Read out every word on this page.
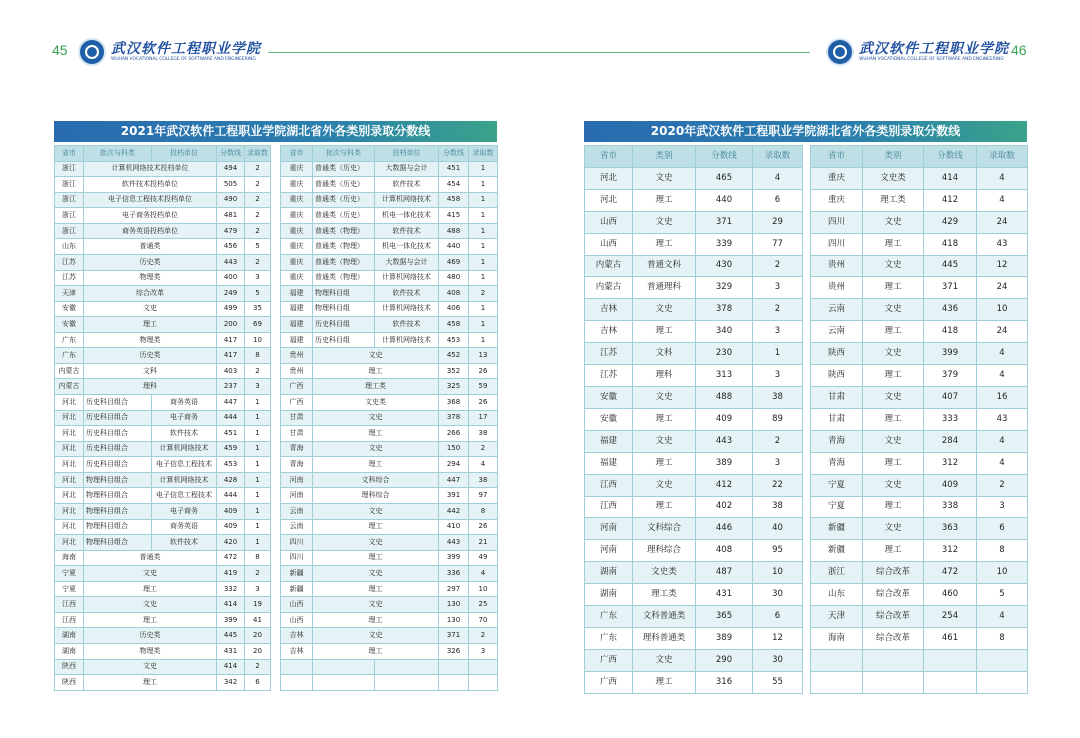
45	武汉软件工程职业学院
WUHAN VOCATIONAL COLLEGE OF SOFTWARE AND ENGINEERING
武汉软件工程职业学院
WUHAN VOCATIONAL COLLEGE OF SOFTWARE AND ENGINEERING
46
2021年武汉软件工程职业学院湖北省外各类别录取分数线
省市	批次与科类	投档单位	分数线	录取数
浙江	计算机网络技术投档单位		494	2
浙江	软件技术投档单位		505	2
浙江	电子信息工程技术投档单位		490	2
浙江	电子商务投档单位		481	2
浙江	商务英语投档单位		479	2
山东	普通类		456	5
江苏	历史类		443	2
江苏	物理类		400	3
天津	综合改革		249	5
安徽	文史		499	35
安徽	理工		200	69
广东	物理类		417	10
广东	历史类		417	8
内蒙古	文科		403	2
内蒙古	理科		237	3
河北	历史科目组合	商务英语	447	1
河北	历史科目组合	电子商务	444	1
河北	历史科目组合	软件技术	451	1
河北	历史科目组合	计算机网络技术	459	1
河北	历史科目组合	电子信息工程技术	453	1
河北	物理科目组合	计算机网络技术	428	1
河北	物理科目组合	电子信息工程技术	444	1
河北	物理科目组合	电子商务	409	1
河北	物理科目组合	商务英语	409	1
河北	物理科目组合	软件技术	420	1
海南	普通类		472	8
宁夏	文史		419	2
宁夏	理工		332	3
江西	文史		414	19
江西	理工		399	41
湖南	历史类		445	20
湖南	物理类		431	20
陕西	文史		414	2
陕西	理工		342	6
省市	批次与科类	投档单位	分数线	录取数
重庆	普通类（历史）	大数据与会计	451	1
重庆	普通类（历史）	软件技术	454	1
重庆	普通类（历史）	计算机网络技术	458	1
重庆	普通类（历史）	机电一体化技术	415	1
重庆	普通类（物理）	软件技术	488	1
重庆	普通类（物理）	机电一体化技术	440	1
重庆	普通类（物理）	大数据与会计	469	1
重庆	普通类（物理）	计算机网络技术	480	1
福建	物理科目组	软件技术	408	2
福建	物理科目组	计算机网络技术	406	1
福建	历史科目组	软件技术	458	1
福建	历史科目组	计算机网络技术	453	1
贵州	文史		452	13
贵州	理工		352	26
广西	理工类		325	59
广西	文史类		368	26
甘肃	文史		378	17
甘肃	理工		266	38
青海	文史		150	2
青海	理工		294	4
河南	文科综合		447	38
河南	理科综合		391	97
云南	文史		442	8
云南	理工		410	26
四川	文史		443	21
四川	理工		399	49
新疆	文史		336	4
新疆	理工		297	10
山西	文史		130	25
山西	理工		130	70
吉林	文史		371	2
吉林	理工		326	3

2020年武汉软件工程职业学院湖北省外各类别录取分数线
省市	类别	分数线	录取数
河北	文史	465	4
河北	理工	440	6
山西	文史	371	29
山西	理工	339	77
内蒙古	普通文科	430	2
内蒙古	普通理科	329	3
吉林	文史	378	2
吉林	理工	340	3
江苏	文科	230	1
江苏	理科	313	3
安徽	文史	488	38
安徽	理工	409	89
福建	文史	443	2
福建	理工	389	3
江西	文史	412	22
江西	理工	402	38
河南	文科综合	446	40
河南	理科综合	408	95
湖南	文史类	487	10
湖南	理工类	431	30
广东	文科普通类	365	6
广东	理科普通类	389	12
广西	文史	290	30
广西	理工	316	55
省市	类别	分数线	录取数
重庆	文史类	414	4
重庆	理工类	412	4
四川	文史	429	24
四川	理工	418	43
贵州	文史	445	12
贵州	理工	371	24
云南	文史	436	10
云南	理工	418	24
陕西	文史	399	4
陕西	理工	379	4
甘肃	文史	407	16
甘肃	理工	333	43
青海	文史	284	4
青海	理工	312	4
宁夏	文史	409	2
宁夏	理工	338	3
新疆	文史	363	6
新疆	理工	312	8
浙江	综合改革	472	10
山东	综合改革	460	5
天津	综合改革	254	4
海南	综合改革	461	8
